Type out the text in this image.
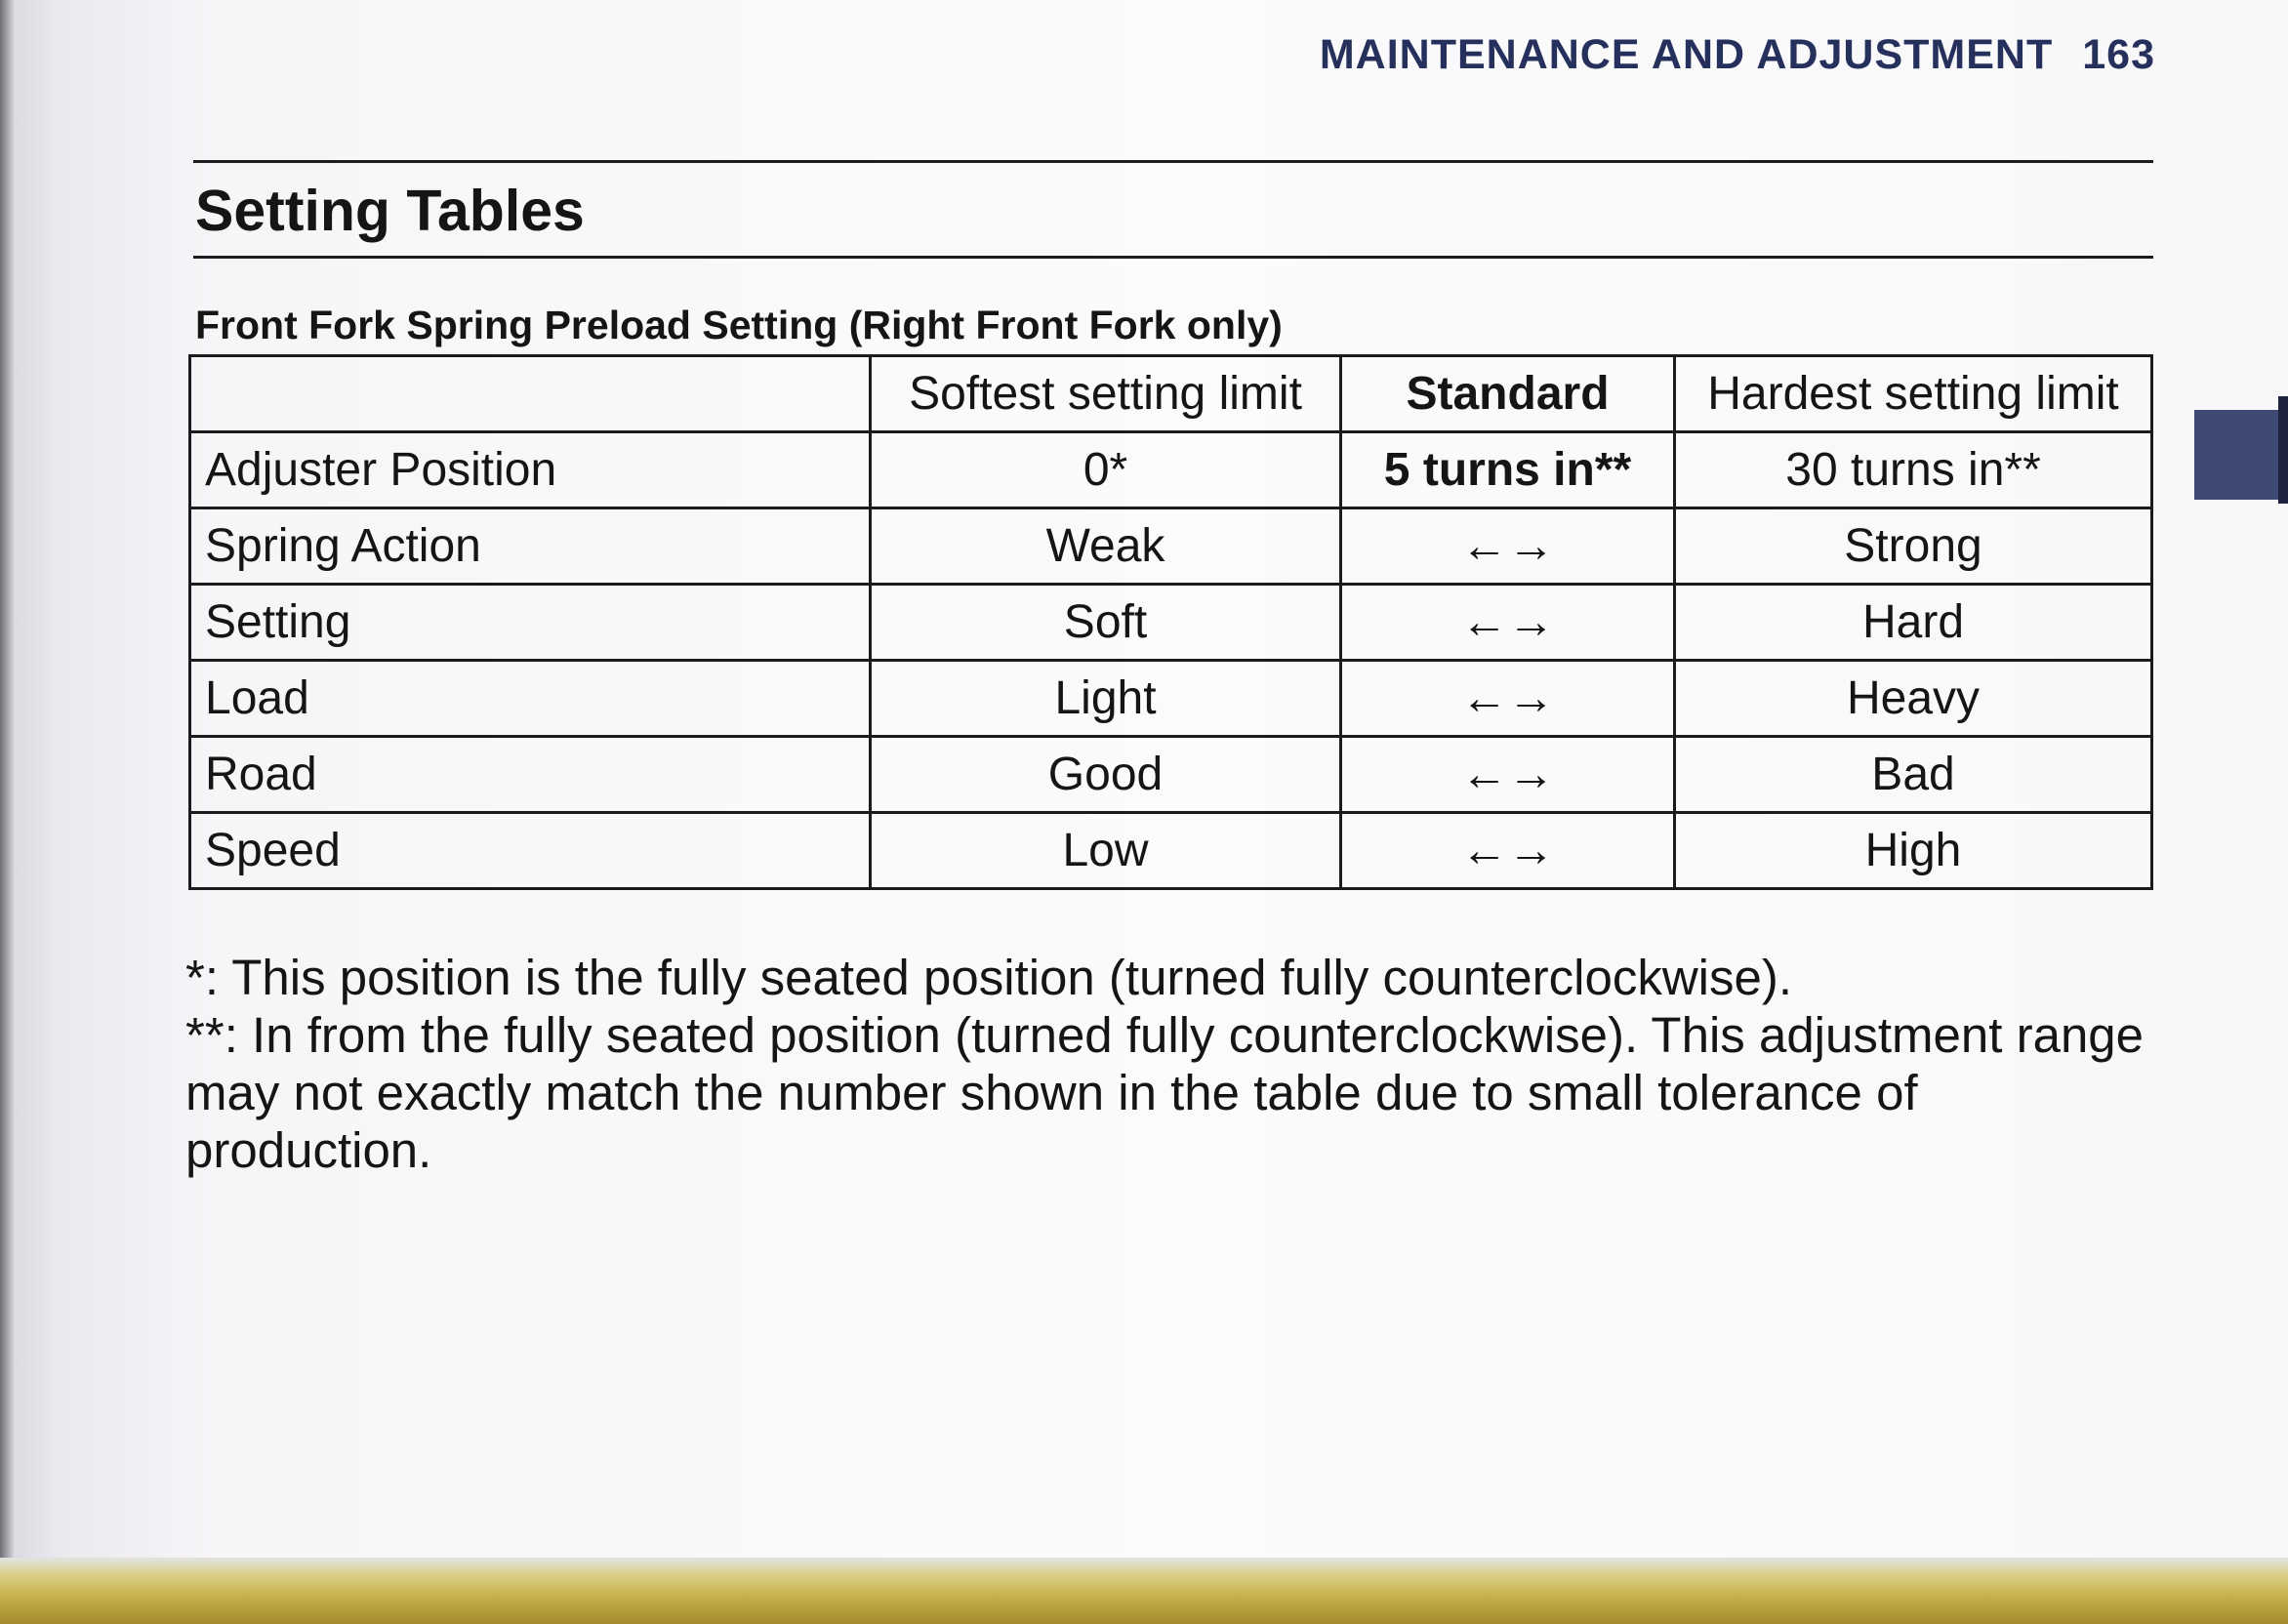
MAINTENANCE AND ADJUSTMENT 163
Setting Tables
Front Fork Spring Preload Setting (Right Front Fork only)
	Softest setting limit	Standard	Hardest setting limit
Adjuster Position	0*	5 turns in**	30 turns in**
Spring Action	Weak	←→	Strong
Setting	Soft	←→	Hard
Load	Light	←→	Heavy
Road	Good	←→	Bad
Speed	Low	←→	High

*: This position is the fully seated position (turned fully counterclockwise).

**: In from the fully seated position (turned fully counterclockwise). This adjustment range may not exactly match the number shown in the table due to small tolerance of production.
